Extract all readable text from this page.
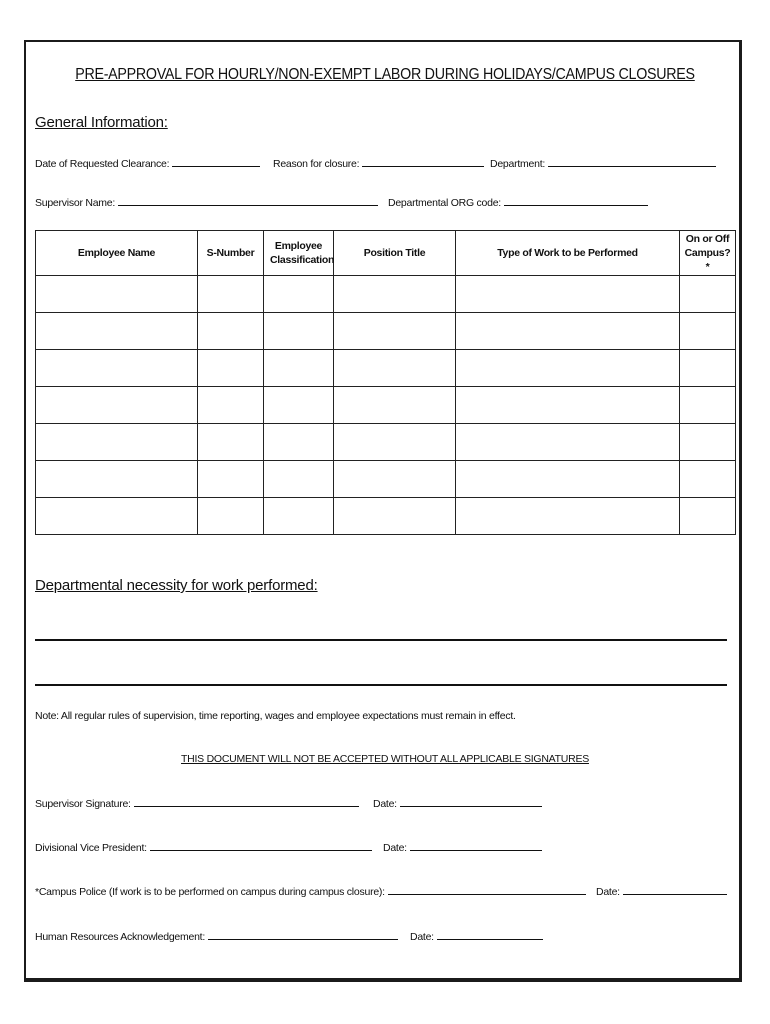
PRE-APPROVAL FOR HOURLY/NON-EXEMPT LABOR DURING HOLIDAYS/CAMPUS CLOSURES
General Information:
Date of Requested Clearance:	Reason for closure:	Department:
Supervisor Name:	Departmental ORG code:
Employee Name	S-Number	Employee Classification	Position Title	Type of Work to be Performed	On or Off Campus?*

Departmental necessity for work performed:
Note: All regular rules of supervision, time reporting, wages and employee expectations must remain in effect.
THIS DOCUMENT WILL NOT BE ACCEPTED WITHOUT ALL APPLICABLE SIGNATURES
Supervisor Signature:	Date:
Divisional Vice President:	Date:
*Campus Police (If work is to be performed on campus during campus closure):	Date:
Human Resources Acknowledgement:	Date:
